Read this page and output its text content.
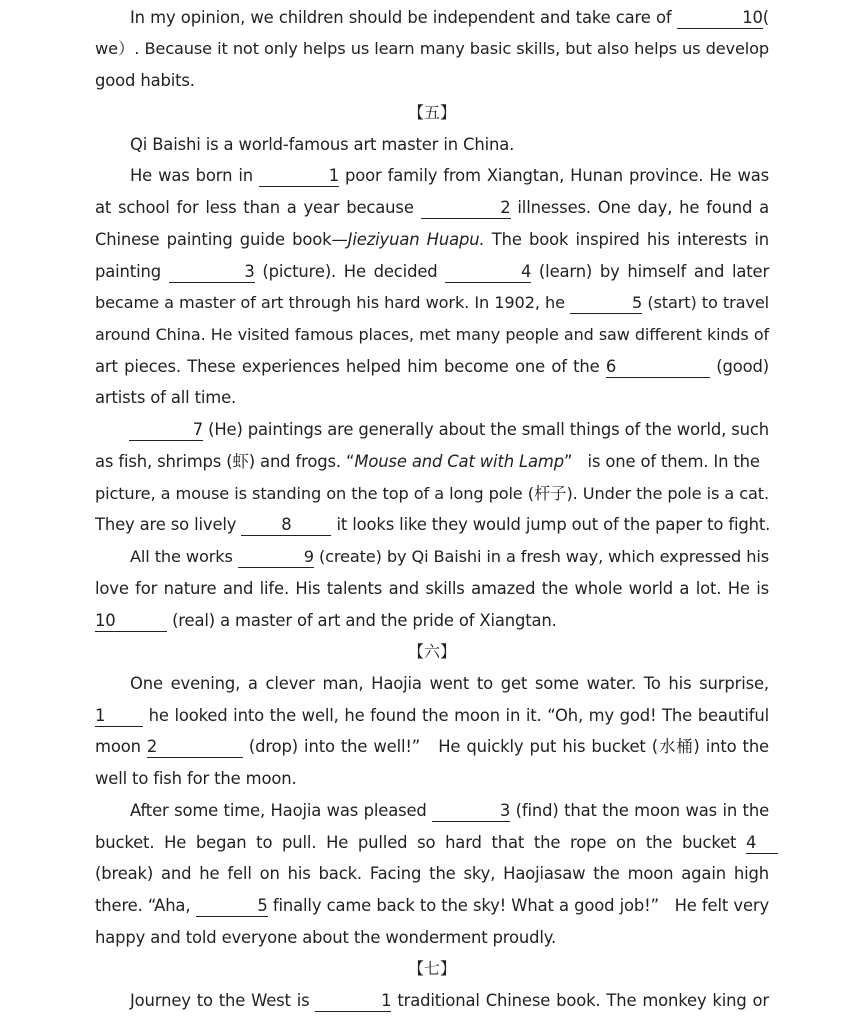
In my opinion, we children should be independent and take care of	10(
we）. Because it not only helps us learn many basic skills, but also helps us develop
good habits.
【五】
Qi Baishi is a world-famous art master in China.
He was born in	1 poor family from Xiangtan, Hunan province. He was
at school for less than a year because	2 illnesses. One day, he found a
Chinese painting guide book—Jieziyuan Huapu. The book inspired his interests in
painting	3 (picture). He decided	4 (learn) by himself and later
became a master of art through his hard work. In 1902, he	5 (start) to travel
around China. He visited famous places, met many people and saw different kinds of
art pieces. These experiences helped him become one of the 6	(good)
artists of all time.
7 (He) paintings are generally about the small things of the world, such
as fish, shrimps (虾) and frogs. “Mouse and Cat with Lamp”   is one of them. In the
picture, a mouse is standing on the top of a long pole (杆子). Under the pole is a cat.
They are so lively	8	it looks like they would jump out of the paper to fight.
All the works	9 (create) by Qi Baishi in a fresh way, which expressed his
love for nature and life. His talents and skills amazed the whole world a lot. He is
10	(real) a master of art and the pride of Xiangtan.
【六】
One evening, a clever man, Haojia went to get some water. To his surprise,
1	he looked into the well, he found the moon in it. “Oh, my god! The beautiful
moon 2	(drop) into the well!”   He quickly put his bucket (水桶) into the
well to fish for the moon.
After some time, Haojia was pleased	3 (find) that the moon was in the
bucket. He began to pull. He pulled so hard that the rope on the bucket 4
(break) and he fell on his back. Facing the sky, Haojiasaw the moon again high
there. “Aha,	5 finally came back to the sky! What a good job!”   He felt very
happy and told everyone about the wonderment proudly.
【七】
Journey to the West is	1 traditional Chinese book. The monkey king or
